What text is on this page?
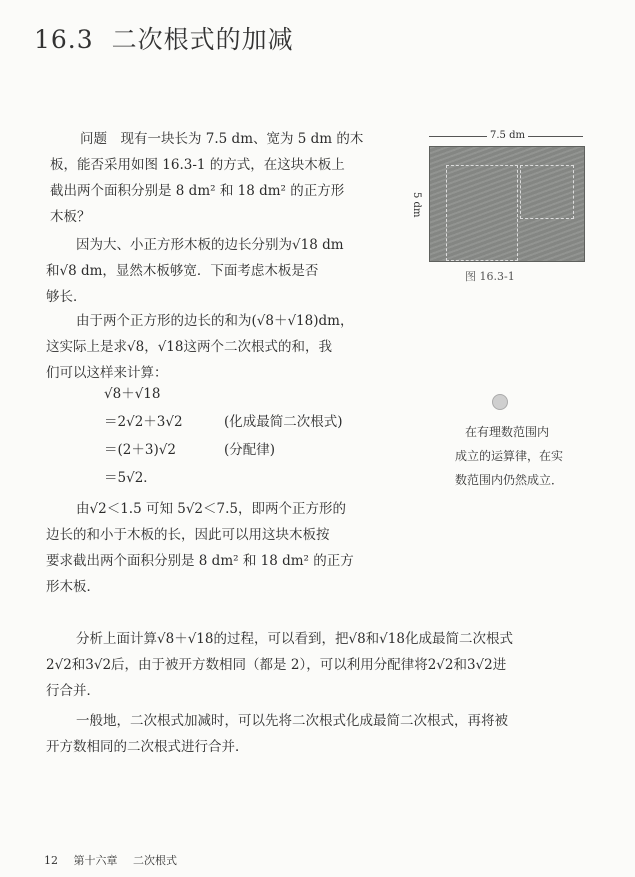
16.3 二次根式的加减
问题　现有一块长为 7.5 dm、宽为 5 dm 的木
板，能否采用如图 16.3-1 的方式，在这块木板上
截出两个面积分别是 8 dm² 和 18 dm² 的正方形
木板？
因为大、小正方形木板的边长分别为√18 dm
和√8 dm，显然木板够宽．下面考虑木板是否
够长．
由于两个正方形的边长的和为(√8＋√18)dm，
这实际上是求√8，√18这两个二次根式的和，我
们可以这样来计算：
√8＋√18
＝2√2＋3√2	(化成最简二次根式)
＝(2＋3)√2	(分配律)
＝5√2．
由√2＜1.5 可知 5√2＜7.5，即两个正方形的
边长的和小于木板的长，因此可以用这块木板按
要求截出两个面积分别是 8 dm² 和 18 dm² 的正方
形木板．
7.5 dm
5 dm
图 16.3-1
在有理数范围内
成立的运算律，在实
数范围内仍然成立．
分析上面计算√8＋√18的过程，可以看到，把√8和√18化成最简二次根式
2√2和3√2后，由于被开方数相同（都是 2），可以利用分配律将2√2和3√2进
行合并．
一般地，二次根式加减时，可以先将二次根式化成最简二次根式，再将被
开方数相同的二次根式进行合并．
12 第十六章 二次根式
